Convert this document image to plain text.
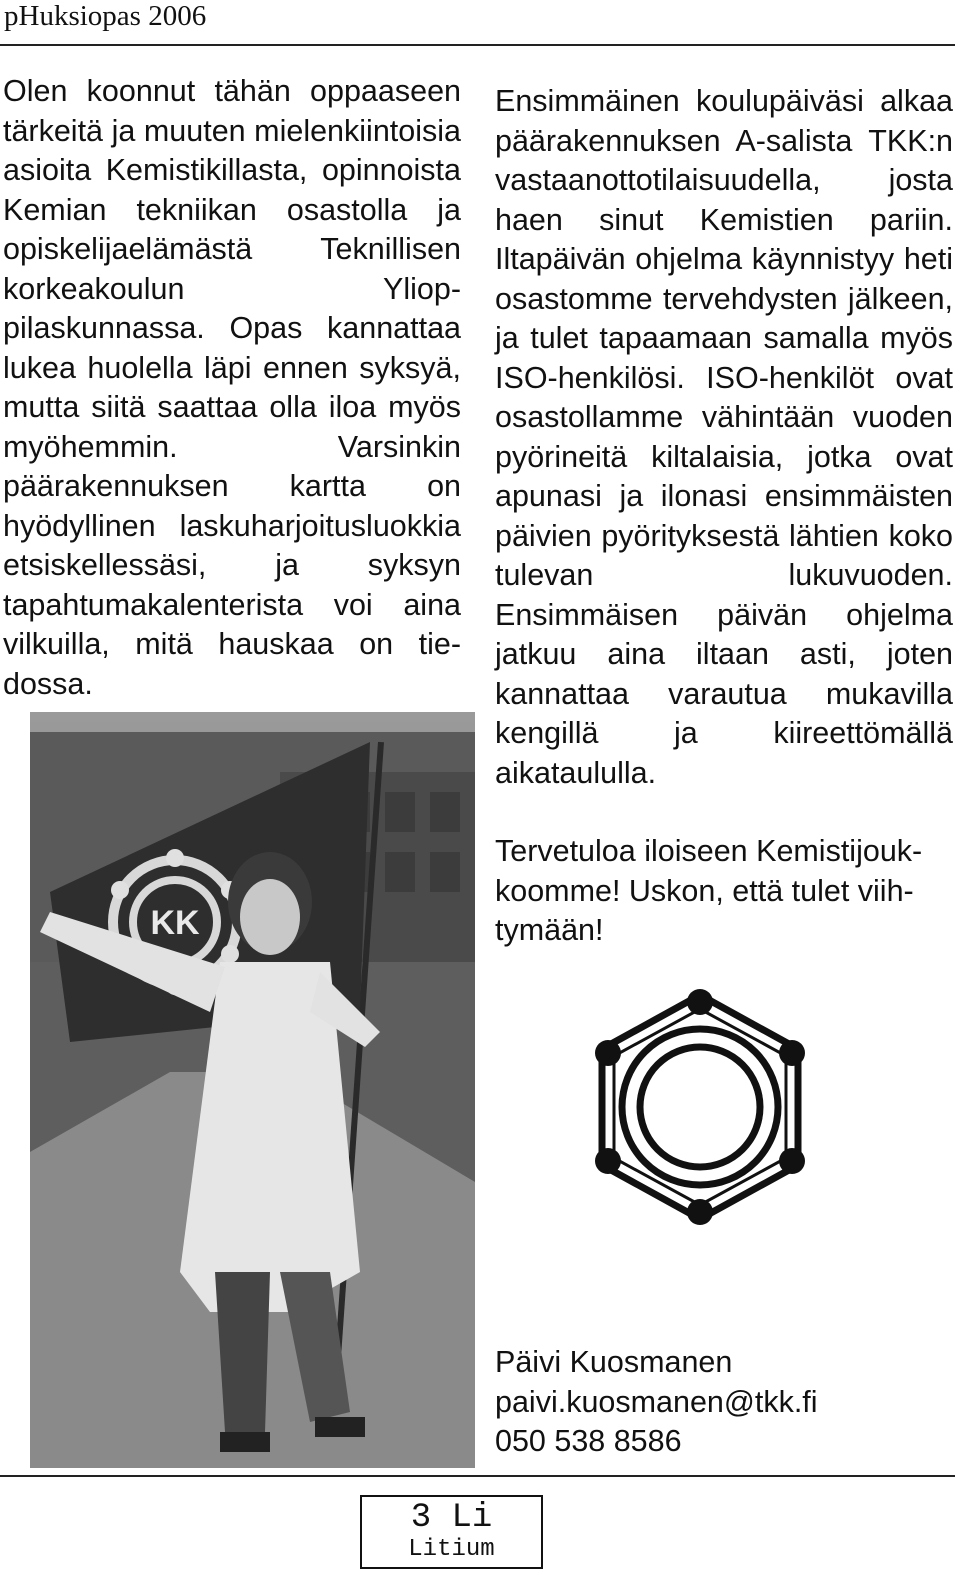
pHuksiopas 2006

Olen koonnut tähän oppaaseen tärkeitä ja muuten mielenkiintoisia asioita Kemistikillasta, opinnoista Kemian tekniikan osastolla ja opiskelijaelämästä Teknillisen korkeakoulun Ylioppilaskunnassa. Opas kannattaa lukea huolella läpi ennen syksyä, mutta siitä saattaa olla iloa myös myöhemmin. Varsinkin päärakennuksen kartta on hyödyllinen laskuharjoitusluokkia etsiskellessäsi, ja syksyn tapahtumakalenterista voi aina vilkuilla, mitä hauskaa on tiedossa.

KK

Ensimmäinen koulupäiväsi alkaa päärakennuksen A-salista TKK:n vastaanottotilaisuudella, josta haen sinut Kemistien pariin. Iltapäivän ohjelma käynnistyy heti osastomme tervehdysten jälkeen, ja tulet tapaamaan samalla myös ISO-henkilösi. ISO-henkilöt ovat osastollamme vähintään vuoden pyörineitä kiltalaisia, jotka ovat apunasi ja ilonasi ensimmäisten päivien pyörityksestä lähtien koko tulevan lukuvuoden. Ensimmäisen päivän ohjelma jatkuu aina iltaan asti, joten kannattaa varautua mukavilla kengillä ja kiireettömällä aikataululla.

Tervetuloa iloiseen Kemistijoukkoomme! Uskon, että tulet viihtymään!

Päivi Kuosmanen
paivi.kuosmanen@tkk.fi
050 538 8586
3 Li
Litium
